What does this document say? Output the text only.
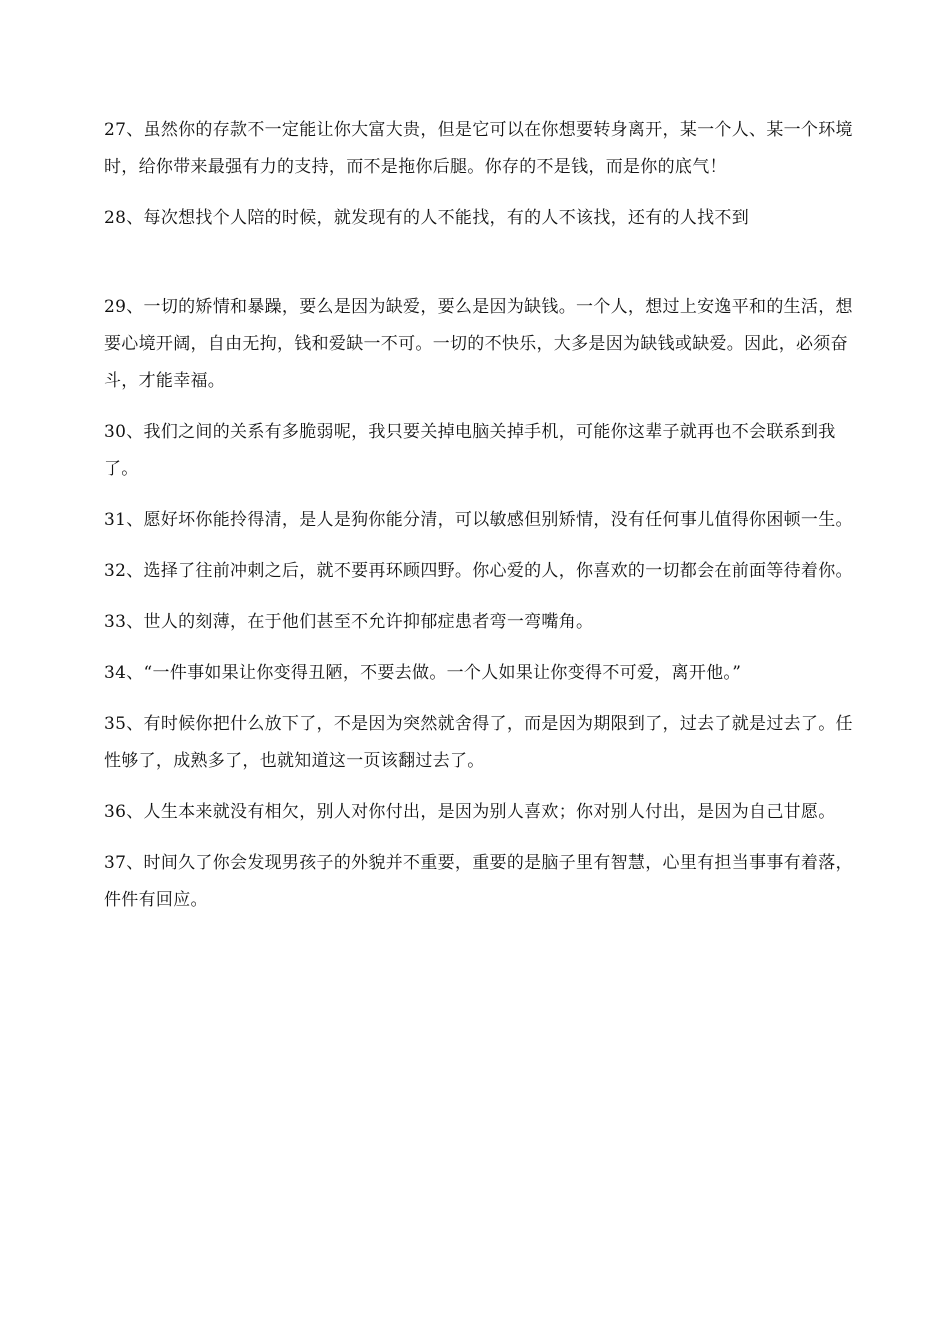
27、虽然你的存款不一定能让你大富大贵，但是它可以在你想要转身离开，某一个人、某一个环境时，给你带来最强有力的支持，而不是拖你后腿。你存的不是钱，而是你的底气！

28、每次想找个人陪的时候，就发现有的人不能找，有的人不该找，还有的人找不到

29、一切的矫情和暴躁，要么是因为缺爱，要么是因为缺钱。一个人，想过上安逸平和的生活，想要心境开阔，自由无拘，钱和爱缺一不可。一切的不快乐，大多是因为缺钱或缺爱。因此，必须奋斗，才能幸福。

30、我们之间的关系有多脆弱呢，我只要关掉电脑关掉手机，可能你这辈子就再也不会联系到我了。

31、愿好坏你能拎得清，是人是狗你能分清，可以敏感但别矫情，没有任何事儿值得你困顿一生。

32、选择了往前冲刺之后，就不要再环顾四野。你心爱的人，你喜欢的一切都会在前面等待着你。

33、世人的刻薄，在于他们甚至不允许抑郁症患者弯一弯嘴角。

34、“一件事如果让你变得丑陋，不要去做。一个人如果让你变得不可爱，离开他。”

35、有时候你把什么放下了，不是因为突然就舍得了，而是因为期限到了，过去了就是过去了。任性够了，成熟多了，也就知道这一页该翻过去了。

36、人生本来就没有相欠，别人对你付出，是因为别人喜欢；你对别人付出，是因为自己甘愿。

37、时间久了你会发现男孩子的外貌并不重要，重要的是脑子里有智慧，心里有担当事事有着落，件件有回应。
